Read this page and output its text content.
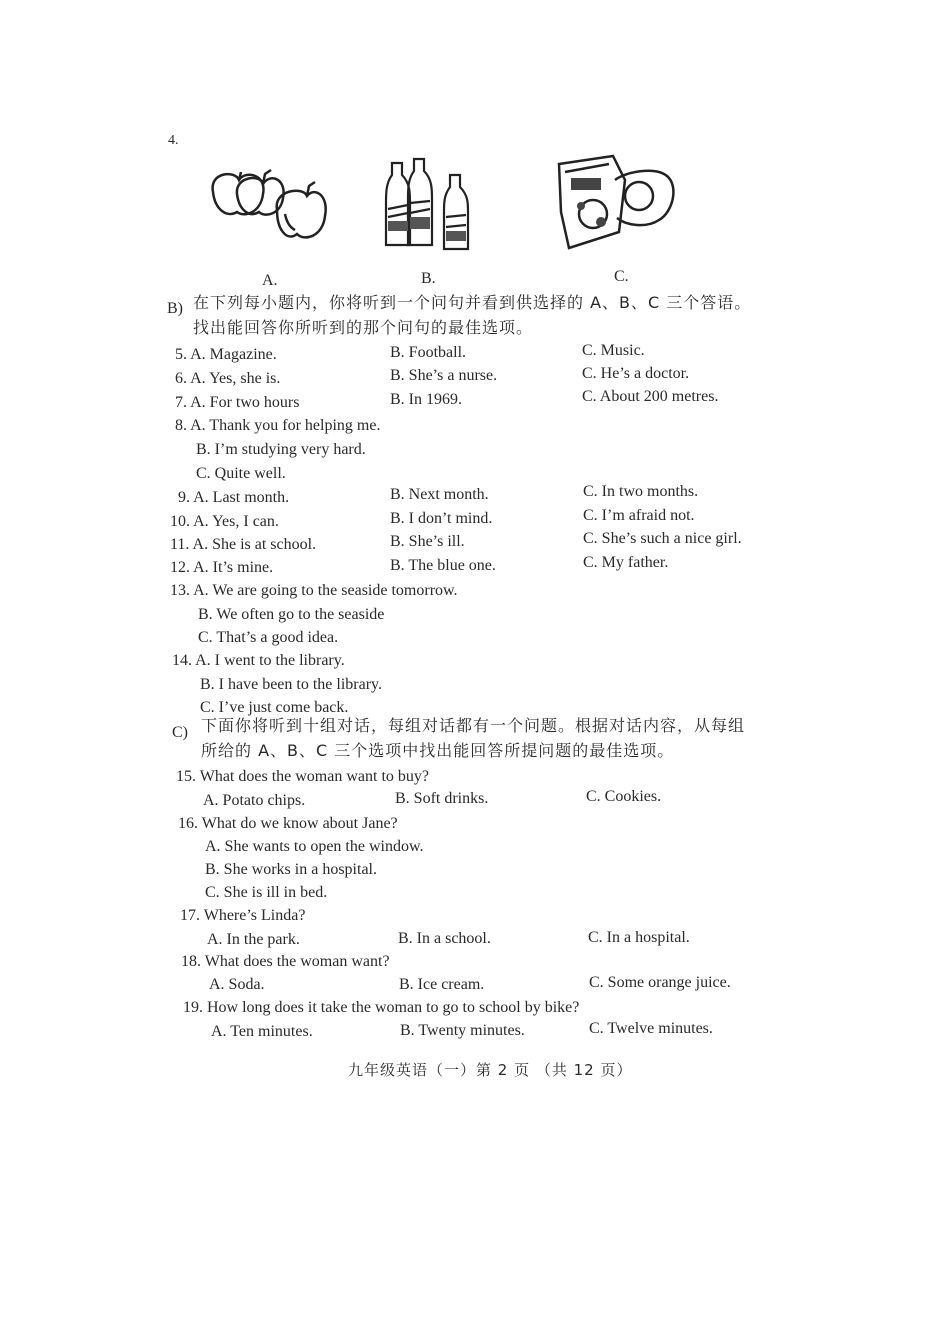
4.
A.	B.	C.
B) 在下列每小题内，你将听到一个问句并看到供选择的 A、B、C 三个答语。
找出能回答你所听到的那个问句的最佳选项。
5. A. Magazine.	B. Football.	C. Music.
6. A. Yes, she is.	B. She’s a nurse.	C. He’s a doctor.
7. A. For two hours	B. In 1969.	C. About 200 metres.
8. A. Thank you for helping me.
B. I’m studying very hard.
C. Quite well.
9. A. Last month.	B. Next month.	C. In two months.
10. A. Yes, I can.	B. I don’t mind.	C. I’m afraid not.
11. A. She is at school.	B. She’s ill.	C. She’s such a nice girl.
12. A. It’s mine.	B. The blue one.	C. My father.
13. A. We are going to the seaside tomorrow.
B. We often go to the seaside
C. That’s a good idea.
14. A. I went to the library.
B. I have been to the library.
C. I’ve just come back.
C) 下面你将听到十组对话，每组对话都有一个问题。根据对话内容，从每组
所给的 A、B、C 三个选项中找出能回答所提问题的最佳选项。
15. What does the woman want to buy?
A. Potato chips.	B. Soft drinks.	C. Cookies.
16. What do we know about Jane?
A. She wants to open the window.
B. She works in a hospital.
C. She is ill in bed.
17. Where’s Linda?
A. In the park.	B. In a school.	C. In a hospital.
18. What does the woman want?
A. Soda.	B. Ice cream.	C. Some orange juice.
19. How long does it take the woman to go to school by bike?
A. Ten minutes.	B. Twenty minutes.	C. Twelve minutes.
九年级英语（一）第 2 页 （共 12 页）
